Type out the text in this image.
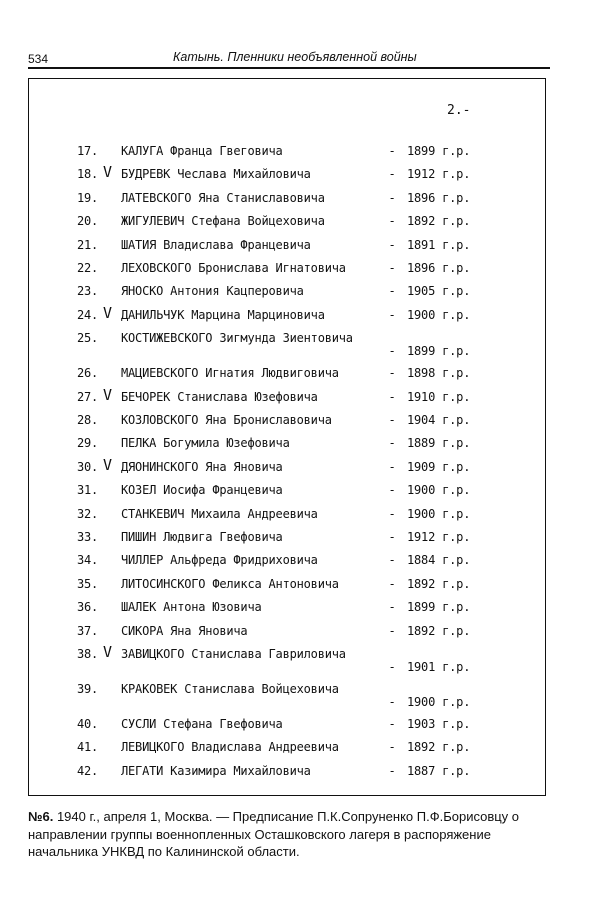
534	Катынь. Пленники необъявленной войны
2.-
17.	КАЛУГА Франца Гвеговича	- 1899 г.р.
18. V БУДРЕВК Чеслава Михайловича	- 1912 г.р.
19.	ЛАТЕВСКОГО Яна Станиславовича	- 1896 г.р.
20.	ЖИГУЛЕВИЧ Стефана Войцеховича	- 1892 г.р.
21.	ШАТИЯ Владислава Францевича	- 1891 г.р.
22.	ЛЕХОВСКОГО Бронислава Игнатовича	- 1896 г.р.
23.	ЯНОСКО Антония Кацперовича	- 1905 г.р.
24. V ДАНИЛЬЧУК Марцина Марциновича	- 1900 г.р.
25.	КОСТИЖЕВСКОГО Зигмунда Зиентовича
- 1899 г.р.
26.	МАЦИЕВСКОГО Игнатия Людвиговича	- 1898 г.р.
27. V БЕЧОРЕК Станислава Юзефовича	- 1910 г.р.
28.	КОЗЛОВСКОГО Яна Брониславовича	- 1904 г.р.
29.	ПЕЛКА Богумила Юзефовича	- 1889 г.р.
30. V ДЯОНИНСКОГО Яна Яновича	- 1909 г.р.
31.	КОЗЕЛ Иосифа Францевича	- 1900 г.р.
32.	СТАНКЕВИЧ Михаила Андреевича	- 1900 г.р.
33.	ПИШИН Людвига Гвефовича	- 1912 г.р.
34.	ЧИЛЛЕР Альфреда Фридриховича	- 1884 г.р.
35.	ЛИТОСИНСКОГО Феликса Антоновича	- 1892 г.р.
36.	ШАЛЕК Антона Юзовича	- 1899 г.р.
37.	СИКОРА Яна Яновича	- 1892 г.р.
38. V ЗАВИЦКОГО Станислава Гавриловича
- 1901 г.р.
39.	КРАКОВЕК Станислава Войцеховича
- 1900 г.р.
40.	СУСЛИ Стефана Гвефовича	- 1903 г.р.
41.	ЛЕВИЦКОГО Владислава Андреевича	- 1892 г.р.
42.	ЛЕГАТИ Казимира Михайловича	- 1887 г.р.
№6. 1940 г., апреля 1, Москва. — Предписание П.К.Сопруненко П.Ф.Борисовцу о направлении группы военнопленных Осташковского лагеря в распоряжение начальника УНКВД по Калининской области.
